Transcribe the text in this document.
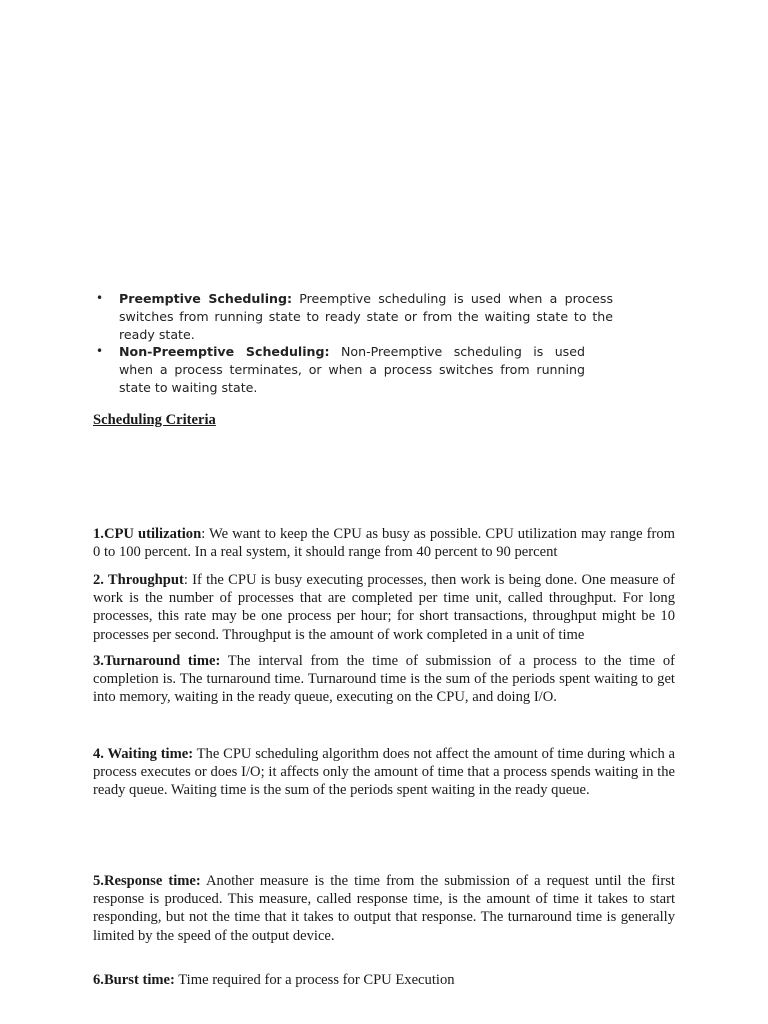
• Preemptive Scheduling: Preemptive scheduling is used when a process switches from running state to ready state or from the waiting state to the ready state.
• Non-Preemptive Scheduling: Non-Preemptive scheduling is used when a process terminates, or when a process switches from running state to waiting state.
Scheduling Criteria

1.CPU utilization: We want to keep the CPU as busy as possible. CPU utilization may range from 0 to 100 percent. In a real system, it should range from 40 percent to 90 percent

2. Throughput: If the CPU is busy executing processes, then work is being done. One measure of work is the number of processes that are completed per time unit, called throughput. For long processes, this rate may be one process per hour; for short transactions, throughput might be 10 processes per second. Throughput is the amount of work completed in a unit of time

3.Turnaround time: The interval from the time of submission of a process to the time of completion is. The turnaround time. Turnaround time is the sum of the periods spent waiting to get into memory, waiting in the ready queue, executing on the CPU, and doing I/O.

4. Waiting time: The CPU scheduling algorithm does not affect the amount of time during which a process executes or does I/O; it affects only the amount of time that a process spends waiting in the ready queue. Waiting time is the sum of the periods spent waiting in the ready queue.

5.Response time: Another measure is the time from the submission of a request until the first response is produced. This measure, called response time, is the amount of time it takes to start responding, but not the time that it takes to output that response. The turnaround time is generally limited by the speed of the output device.

6.Burst time: Time required for a process for CPU Execution
